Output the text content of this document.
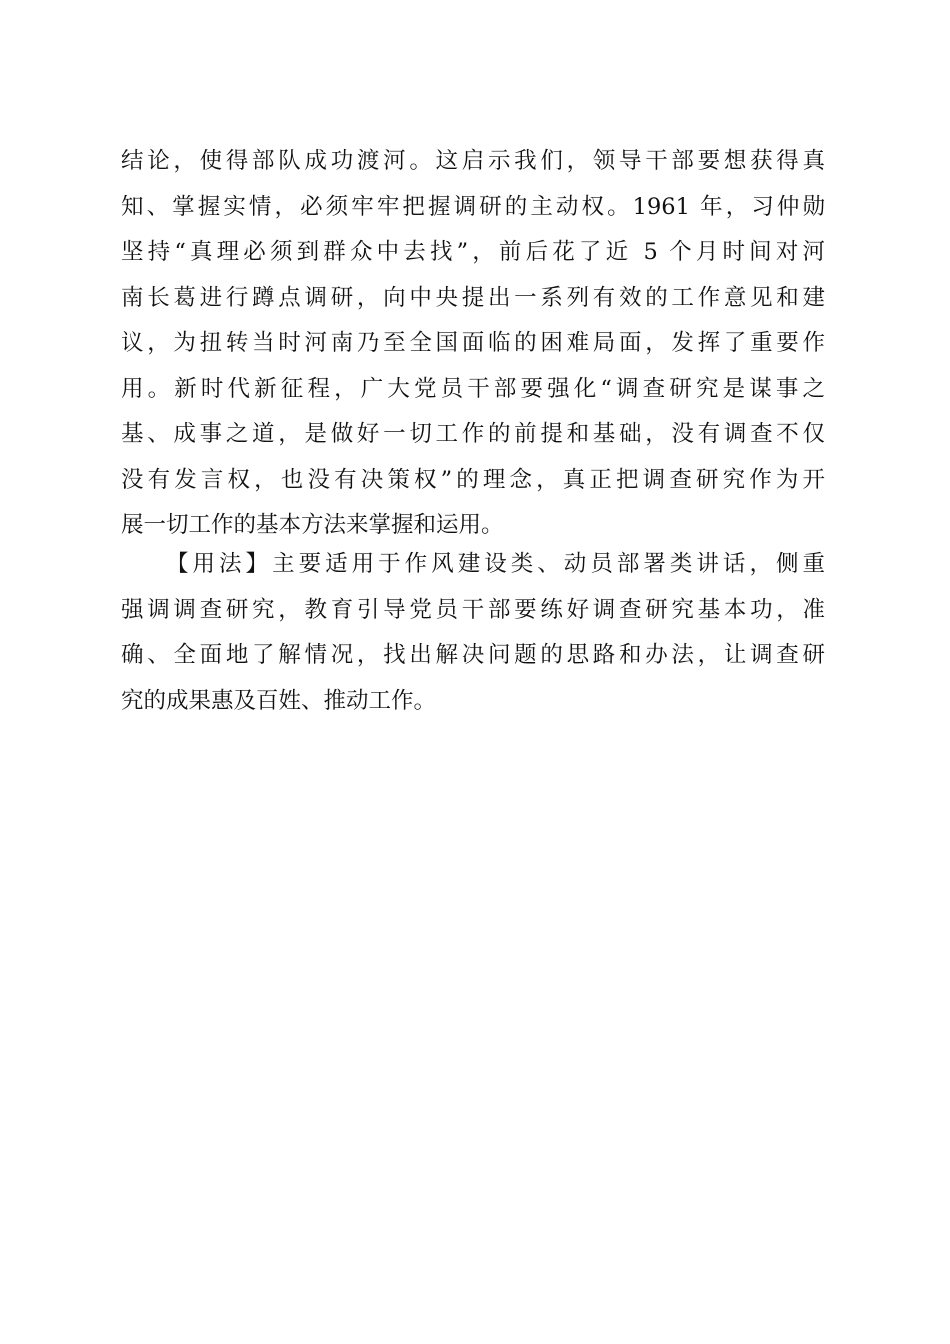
结论，使得部队成功渡河。这启示我们，领导干部要想获得真
知、掌握实情，必须牢牢把握调研的主动权。1961 年，习仲勋
坚持“真理必须到群众中去找”，前后花了近 5 个月时间对河
南长葛进行蹲点调研，向中央提出一系列有效的工作意见和建
议，为扭转当时河南乃至全国面临的困难局面，发挥了重要作
用。新时代新征程，广大党员干部要强化“调查研究是谋事之
基、成事之道，是做好一切工作的前提和基础，没有调查不仅
没有发言权，也没有决策权”的理念，真正把调查研究作为开
展一切工作的基本方法来掌握和运用。
【用法】主要适用于作风建设类、动员部署类讲话，侧重
强调调查研究，教育引导党员干部要练好调查研究基本功，准
确、全面地了解情况，找出解决问题的思路和办法，让调查研
究的成果惠及百姓、推动工作。
